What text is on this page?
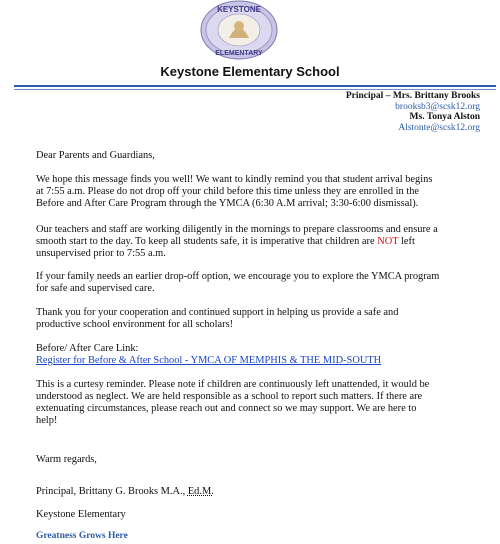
KEYSTONE
ELEMENTARY
Keystone Elementary School
Principal – Mrs. Brittany Brooks
brooksb3@scsk12.org
Ms. Tonya Alston
Alstonte@scsk12.org

Dear Parents and Guardians,

We hope this message finds you well! We want to kindly remind you that student arrival begins
at 7:55 a.m. Please do not drop off your child before this time unless they are enrolled in the
Before and After Care Program through the YMCA (6:30 A.M arrival; 3:30-6:00 dismissal).
Our teachers and staff are working diligently in the mornings to prepare classrooms and ensure a
smooth start to the day. To keep all students safe, it is imperative that children are NOT left
unsupervised prior to 7:55 a.m.
If your family needs an earlier drop-off option, we encourage you to explore the YMCA program
for safe and supervised care.
Thank you for your cooperation and continued support in helping us provide a safe and
productive school environment for all scholars!
Before/ After Care Link:
Register for Before & After School - YMCA OF MEMPHIS & THE MID-SOUTH
This is a curtesy reminder. Please note if children are continuously left unattended, it would be
understood as neglect. We are held responsible as a school to report such matters. If there are
extenuating circumstances, please reach out and connect so we may support. We are here to
help!

Warm regards,

Principal, Brittany G. Brooks M.A., Ed.M.
Keystone Elementary
Greatness Grows Here
